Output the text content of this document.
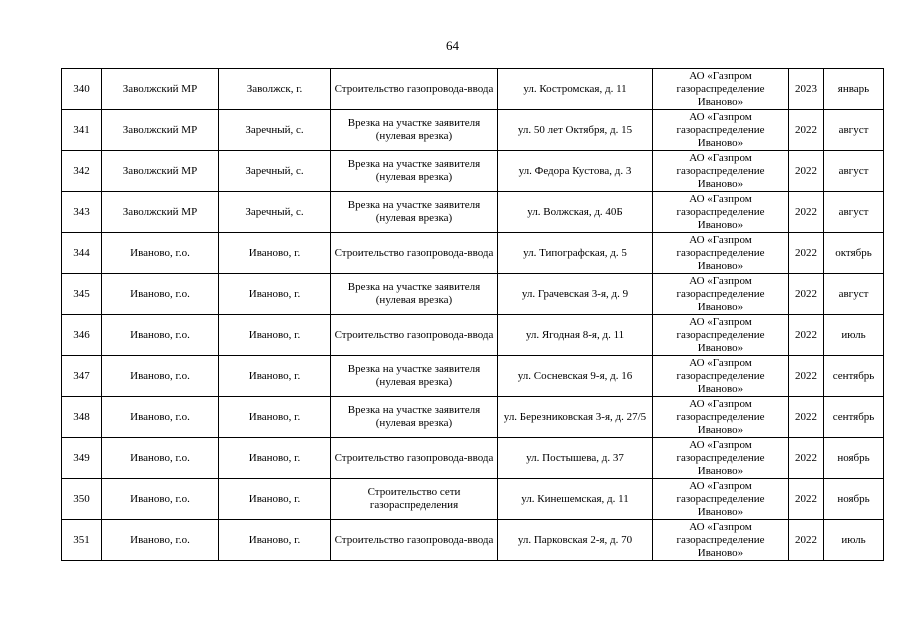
64
340	Заволжский МР	Заволжск, г.	Строительство газопровода-ввода	ул. Костромская, д. 11	АО «Газпром газораспределение Иваново»	2023	январь
341	Заволжский МР	Заречный, с.	Врезка на участке заявителя (нулевая врезка)	ул. 50 лет Октября, д. 15	АО «Газпром газораспределение Иваново»	2022	август
342	Заволжский МР	Заречный, с.	Врезка на участке заявителя (нулевая врезка)	ул. Федора Кустова, д. 3	АО «Газпром газораспределение Иваново»	2022	август
343	Заволжский МР	Заречный, с.	Врезка на участке заявителя (нулевая врезка)	ул. Волжская, д. 40Б	АО «Газпром газораспределение Иваново»	2022	август
344	Иваново, г.о.	Иваново, г.	Строительство газопровода-ввода	ул. Типографская, д. 5	АО «Газпром газораспределение Иваново»	2022	октябрь
345	Иваново, г.о.	Иваново, г.	Врезка на участке заявителя (нулевая врезка)	ул. Грачевская 3-я, д. 9	АО «Газпром газораспределение Иваново»	2022	август
346	Иваново, г.о.	Иваново, г.	Строительство газопровода-ввода	ул. Ягодная 8-я, д. 11	АО «Газпром газораспределение Иваново»	2022	июль
347	Иваново, г.о.	Иваново, г.	Врезка на участке заявителя (нулевая врезка)	ул. Сосневская 9-я, д. 16	АО «Газпром газораспределение Иваново»	2022	сентябрь
348	Иваново, г.о.	Иваново, г.	Врезка на участке заявителя (нулевая врезка)	ул. Березниковская 3-я, д. 27/5	АО «Газпром газораспределение Иваново»	2022	сентябрь
349	Иваново, г.о.	Иваново, г.	Строительство газопровода-ввода	ул. Постышева, д. 37	АО «Газпром газораспределение Иваново»	2022	ноябрь
350	Иваново, г.о.	Иваново, г.	Строительство сети газораспределения	ул. Кинешемская, д. 11	АО «Газпром газораспределение Иваново»	2022	ноябрь
351	Иваново, г.о.	Иваново, г.	Строительство газопровода-ввода	ул. Парковская 2-я, д. 70	АО «Газпром газораспределение Иваново»	2022	июль
